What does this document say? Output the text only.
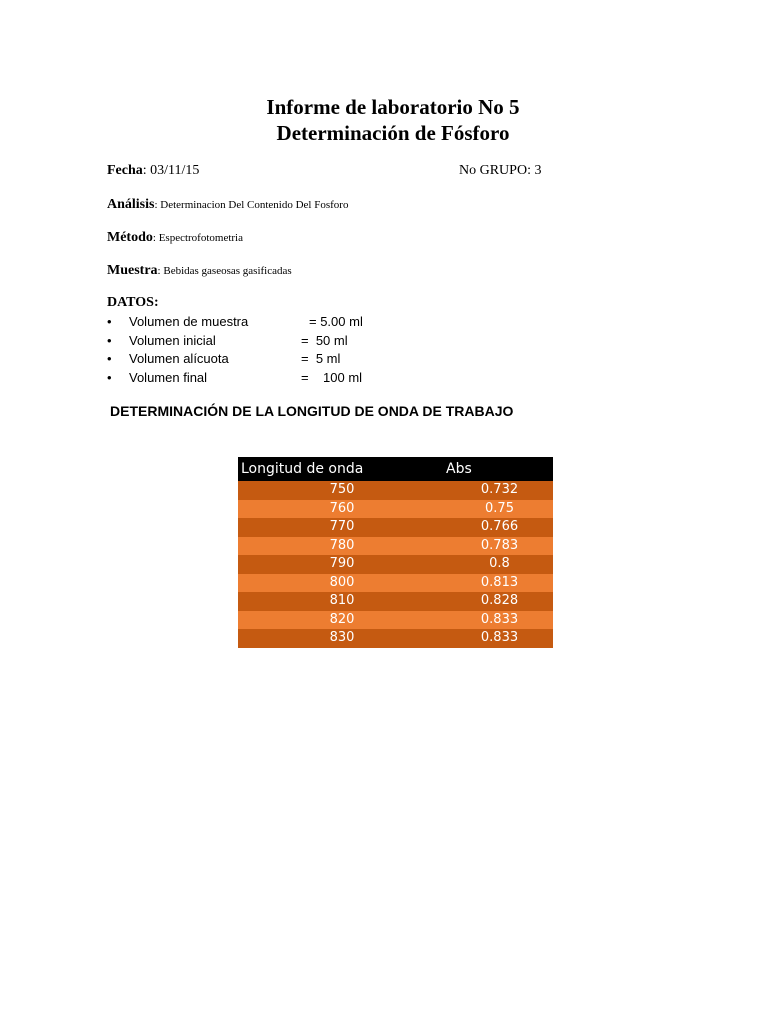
Informe de laboratorio No 5
Determinación de Fósforo
Fecha: 03/11/15	No GRUPO: 3
Análisis: Determinacion Del Contenido Del Fosforo
Método: Espectrofotometria
Muestra: Bebidas gaseosas gasificadas
DATOS:
• Volumen de muestra	= 5.00 ml
• Volumen inicial	=  50 ml
• Volumen alícuota	=  5 ml
• Volumen final	=    100 ml
DETERMINACIÓN DE LA LONGITUD DE ONDA DE TRABAJO
Longitud de onda	Abs
750	0.732
760	0.75
770	0.766
780	0.783
790	0.8
800	0.813
810	0.828
820	0.833
830	0.833
